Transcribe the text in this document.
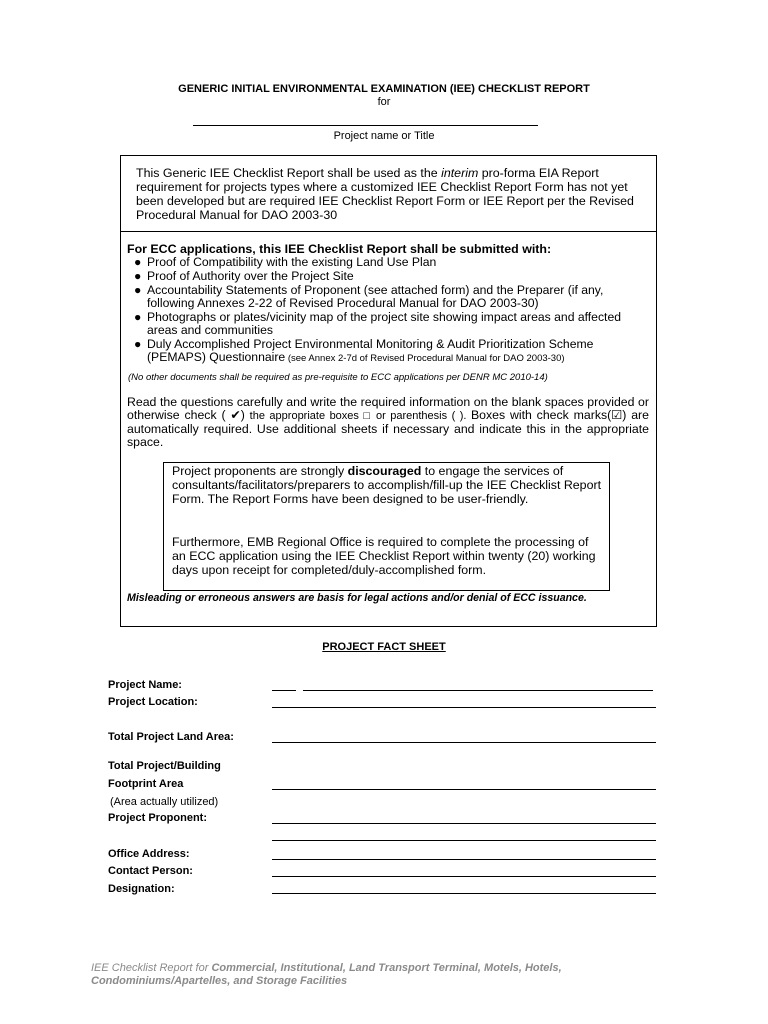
GENERIC INITIAL ENVIRONMENTAL EXAMINATION (IEE) CHECKLIST REPORT
for
Project name or Title
This Generic IEE Checklist Report shall be used as the interim pro-forma EIA Report requirement for projects types where a customized IEE Checklist Report Form has not yet been developed but are required IEE Checklist Report Form or IEE Report per the Revised Procedural Manual for DAO 2003-30
For ECC applications, this IEE Checklist Report shall be submitted with:
● Proof of Compatibility with the existing Land Use Plan
● Proof of Authority over the Project Site
● Accountability Statements of Proponent (see attached form) and the Preparer (if any, following Annexes 2-22 of Revised Procedural Manual for DAO 2003-30)
● Photographs or plates/vicinity map of the project site showing impact areas and affected areas and communities
● Duly Accomplished Project Environmental Monitoring & Audit Prioritization Scheme (PEMAPS) Questionnaire (see Annex 2-7d of Revised Procedural Manual for DAO 2003-30)
(No other documents shall be required as pre-requisite to ECC applications per DENR MC 2010-14)
Read the questions carefully and write the required information on the blank spaces provided or otherwise check ( ✔) the appropriate boxes □ or parenthesis ( ). Boxes with check marks(☑) are automatically required. Use additional sheets if necessary and indicate this in the appropriate space.
Project proponents are strongly discouraged to engage the services of consultants/facilitators/preparers to accomplish/fill-up the IEE Checklist Report Form. The Report Forms have been designed to be user-friendly.
Furthermore, EMB Regional Office is required to complete the processing of an ECC application using the IEE Checklist Report within twenty (20) working days upon receipt for completed/duly-accomplished form.
Misleading or erroneous answers are basis for legal actions and/or denial of ECC issuance.
PROJECT FACT SHEET
Project Name:
Project Location:
Total Project Land Area:
Total Project/Building
Footprint Area
(Area actually utilized)
Project Proponent:
Office Address:
Contact Person:
Designation:
IEE Checklist Report for Commercial, Institutional, Land Transport Terminal, Motels, Hotels, Condominiums/Apartelles, and Storage Facilities
